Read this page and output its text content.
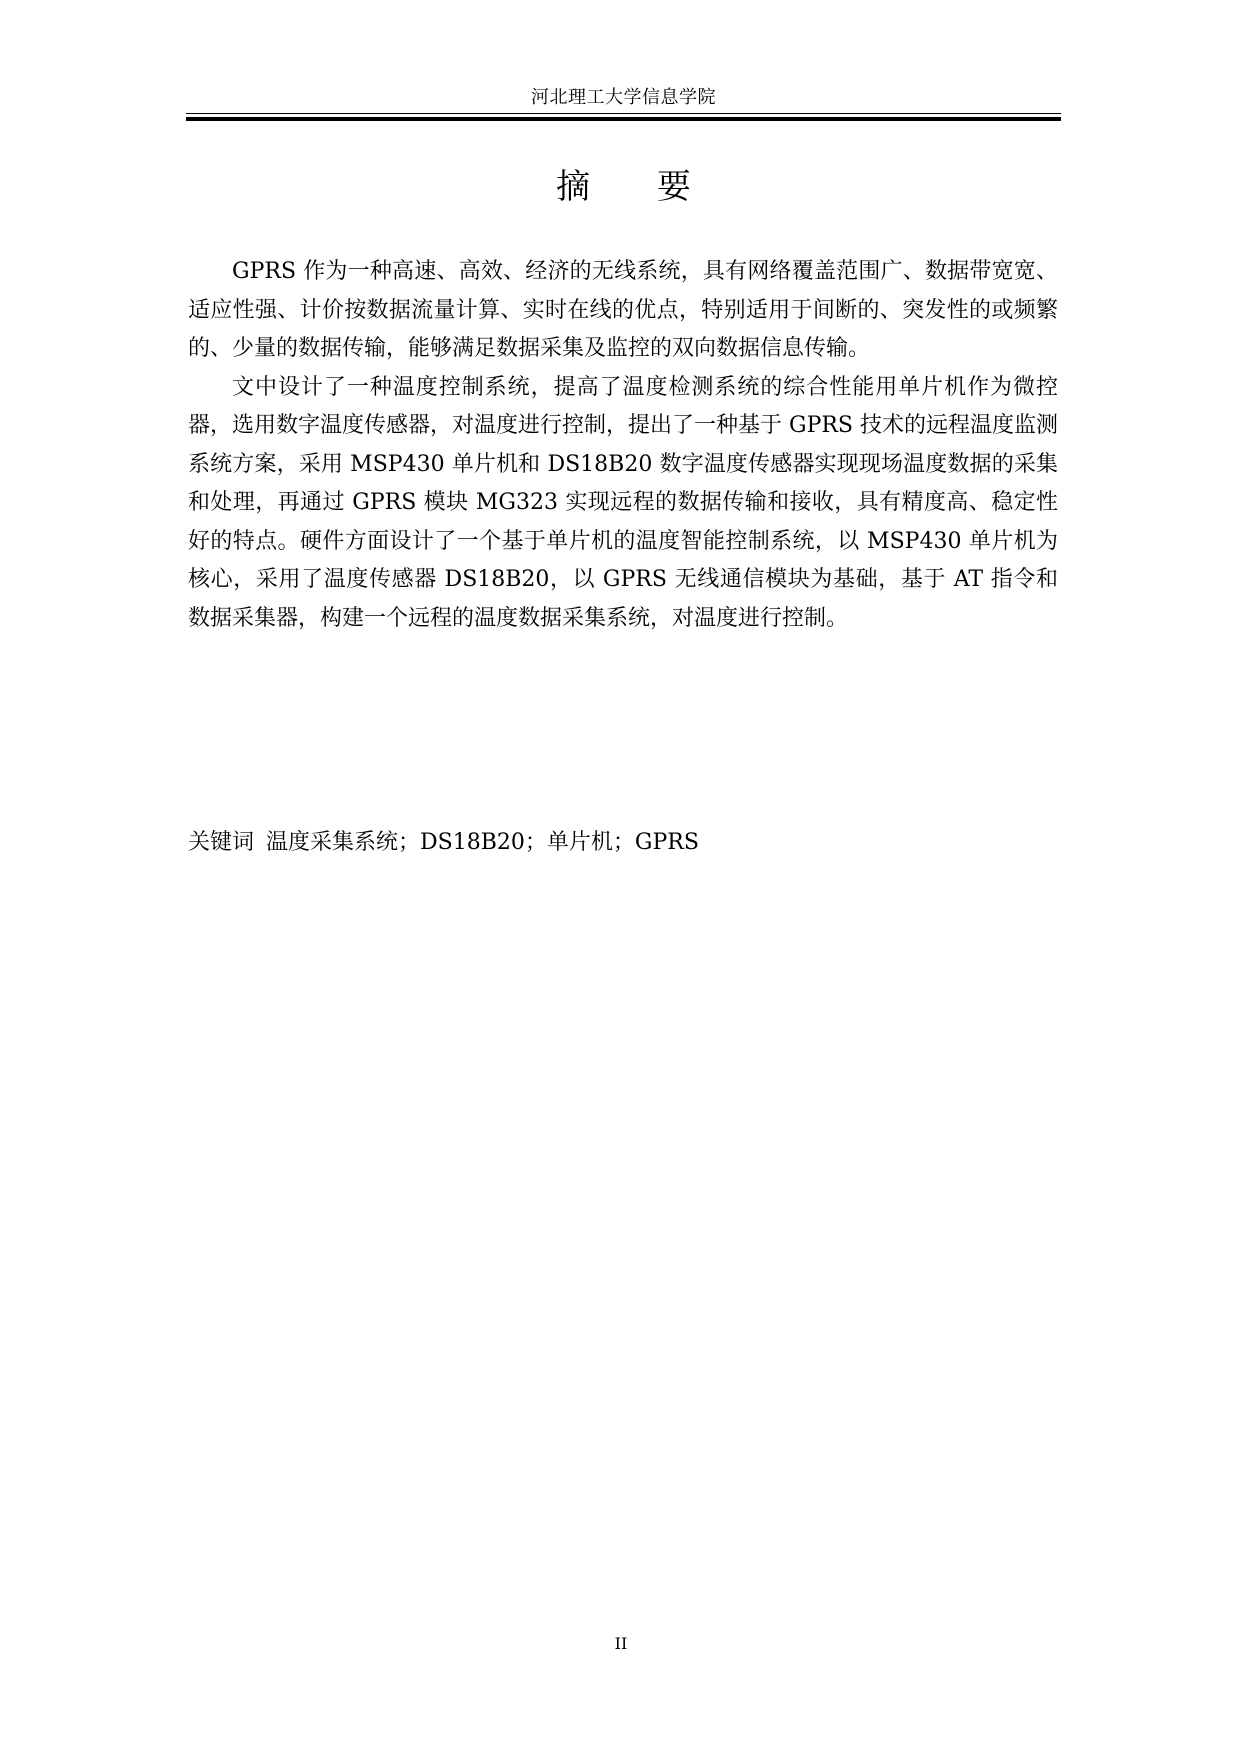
河北理工大学信息学院
摘 要

GPRS 作为一种高速、高效、经济的无线系统，具有网络覆盖范围广、数据带宽宽、适应性强、计价按数据流量计算、实时在线的优点，特别适用于间断的、突发性的或频繁的、少量的数据传输，能够满足数据采集及监控的双向数据信息传输。

文中设计了一种温度控制系统，提高了温度检测系统的综合性能用单片机作为微控器，选用数字温度传感器，对温度进行控制，提出了一种基于 GPRS 技术的远程温度监测系统方案，采用 MSP430 单片机和 DS18B20 数字温度传感器实现现场温度数据的采集和处理，再通过 GPRS 模块 MG323 实现远程的数据传输和接收，具有精度高、稳定性好的特点。硬件方面设计了一个基于单片机的温度智能控制系统，以 MSP430 单片机为核心，采用了温度传感器 DS18B20，以 GPRS 无线通信模块为基础，基于 AT 指令和数据采集器，构建一个远程的温度数据采集系统，对温度进行控制。

关键词 温度采集系统；DS18B20；单片机；GPRS
II
